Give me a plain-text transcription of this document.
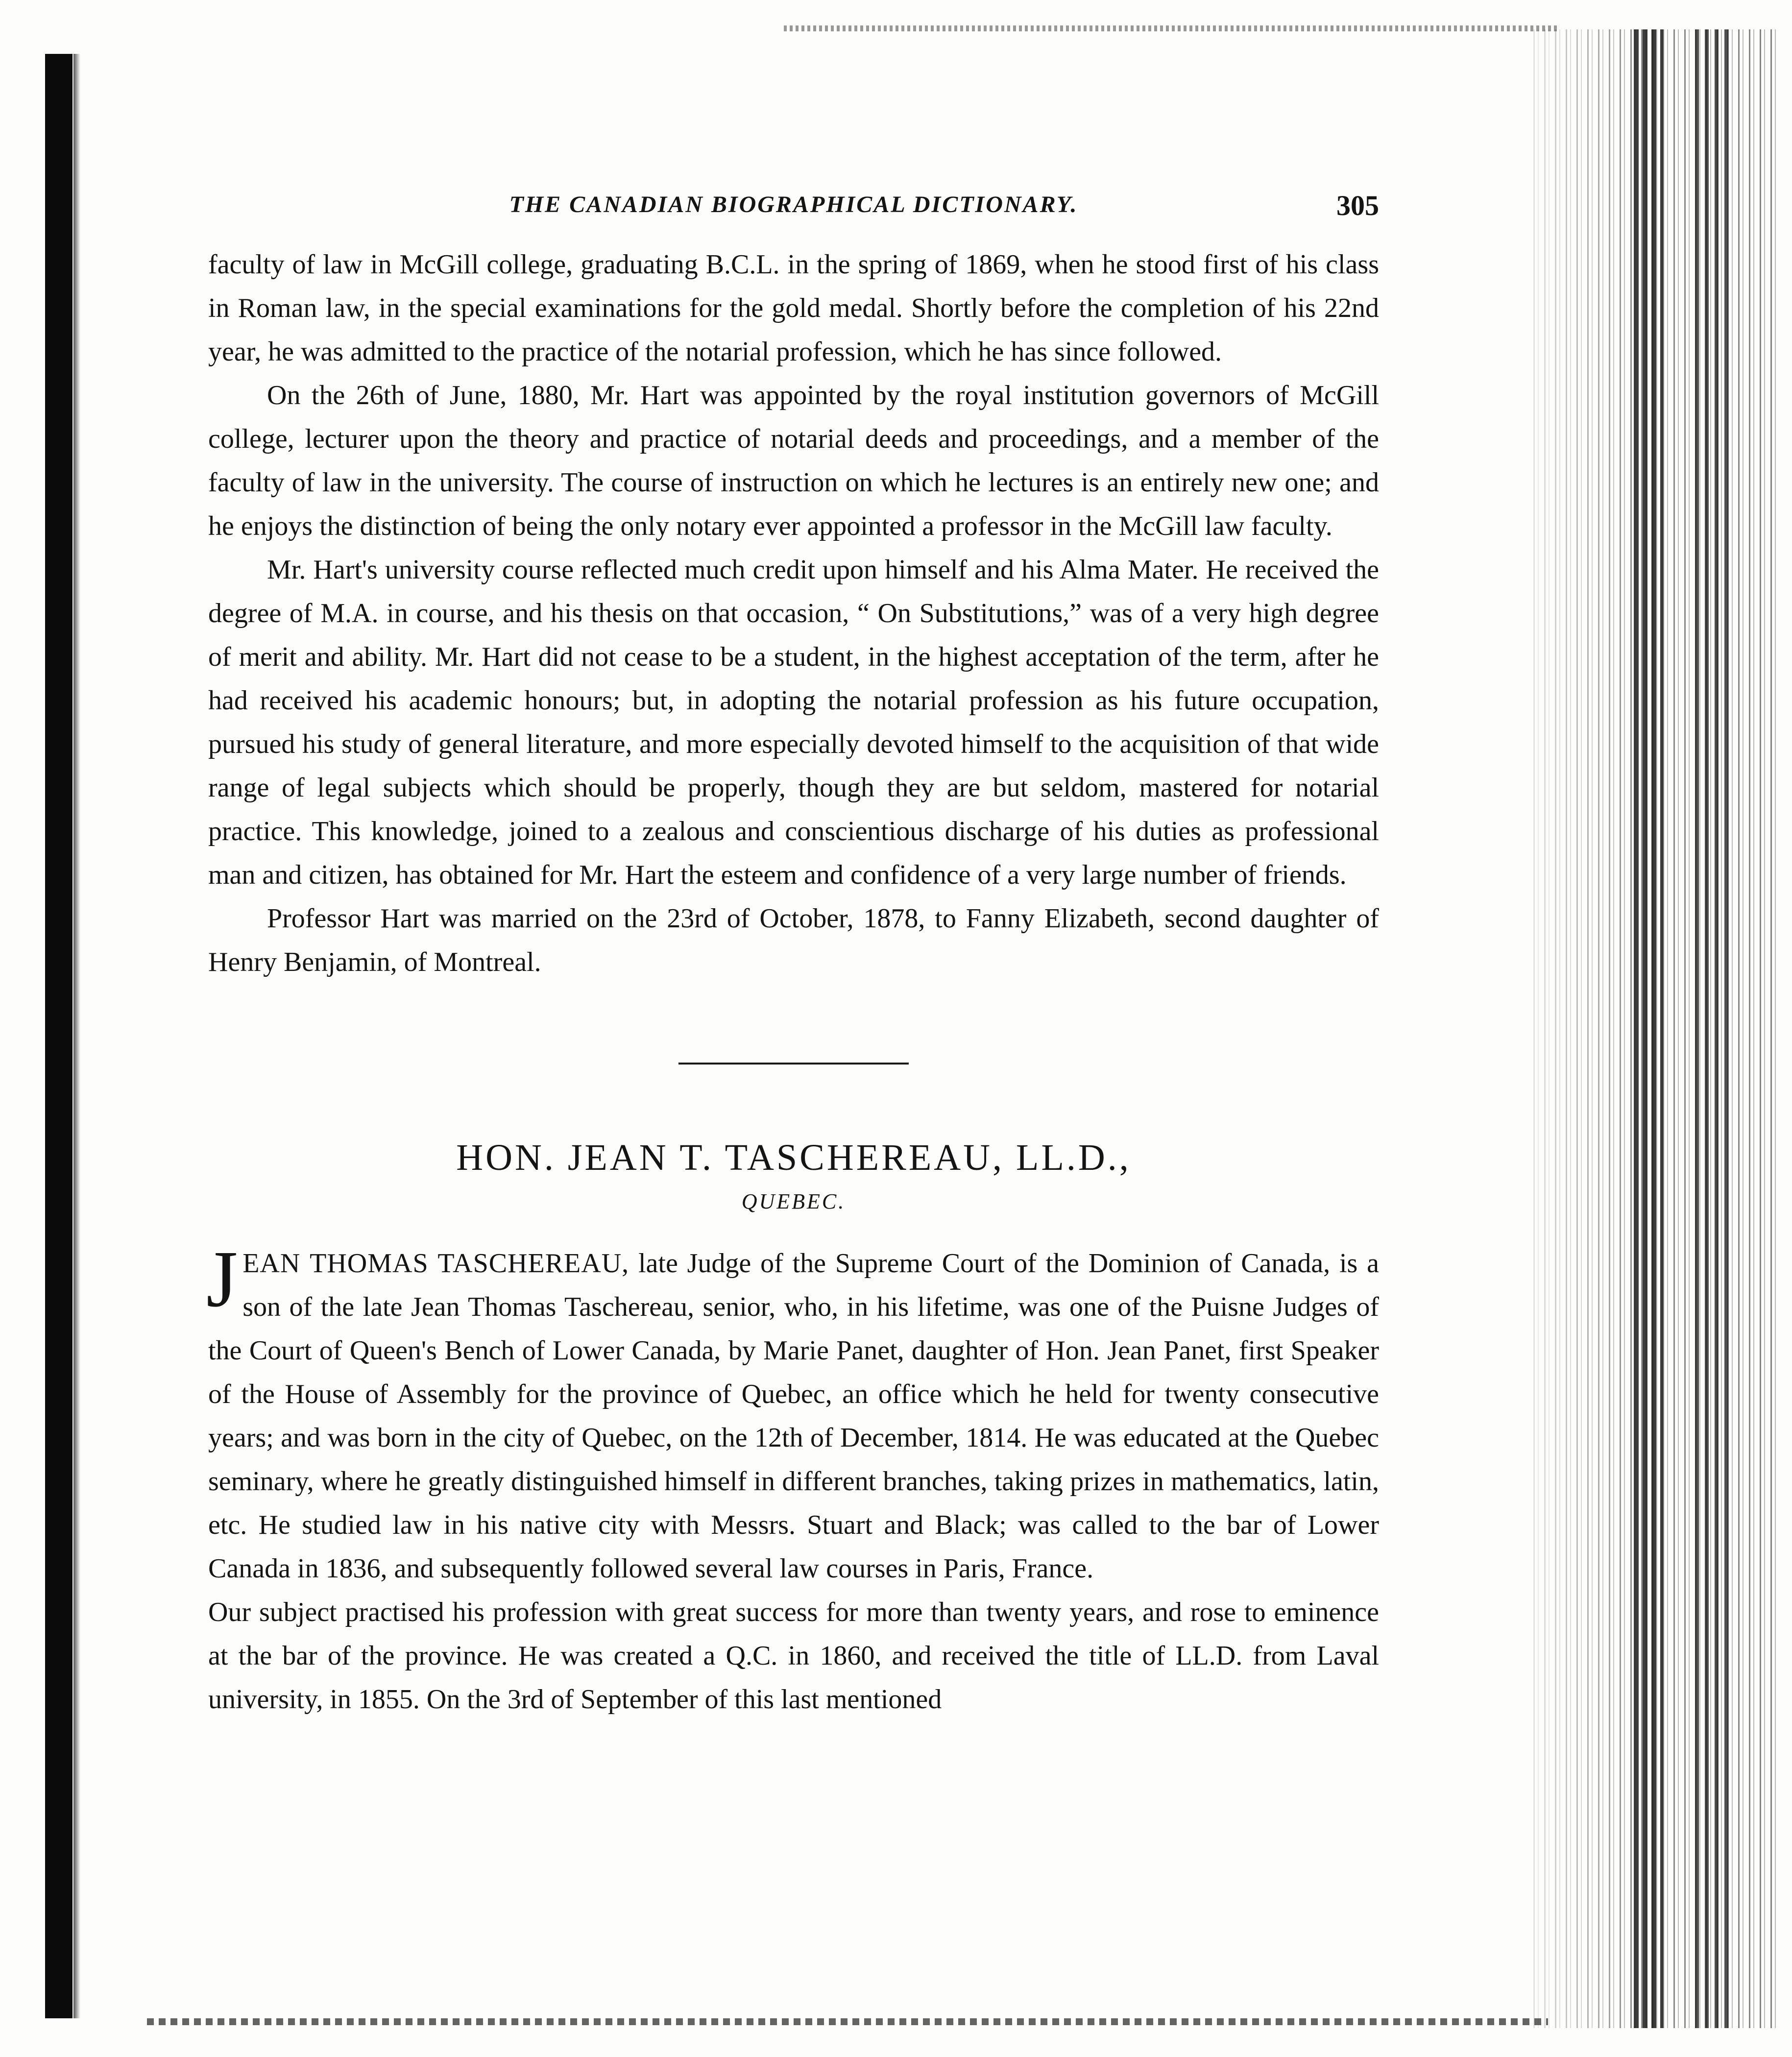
THE CANADIAN BIOGRAPHICAL DICTIONARY.	305

faculty of law in McGill college, graduating B.C.L. in the spring of 1869, when he stood first of his class in Roman law, in the special examinations for the gold medal. Shortly before the completion of his 22nd year, he was admitted to the practice of the notarial profession, which he has since followed.

On the 26th of June, 1880, Mr. Hart was appointed by the royal institution governors of McGill college, lecturer upon the theory and practice of notarial deeds and proceedings, and a member of the faculty of law in the university. The course of instruction on which he lectures is an entirely new one; and he enjoys the distinction of being the only notary ever appointed a professor in the McGill law faculty.

Mr. Hart's university course reflected much credit upon himself and his Alma Mater. He received the degree of M.A. in course, and his thesis on that occasion, “ On Substitutions,” was of a very high degree of merit and ability. Mr. Hart did not cease to be a student, in the highest acceptation of the term, after he had received his academic honours; but, in adopting the notarial profession as his future occupation, pursued his study of general literature, and more especially devoted himself to the acquisition of that wide range of legal subjects which should be properly, though they are but seldom, mastered for notarial practice. This knowledge, joined to a zealous and conscientious discharge of his duties as professional man and citizen, has obtained for Mr. Hart the esteem and confidence of a very large number of friends.

Professor Hart was married on the 23rd of October, 1878, to Fanny Elizabeth, second daughter of Henry Benjamin, of Montreal.

HON. JEAN T. TASCHEREAU, LL.D.,
QUEBEC.

JEAN THOMAS TASCHEREAU, late Judge of the Supreme Court of the Dominion of Canada, is a son of the late Jean Thomas Taschereau, senior, who, in his lifetime, was one of the Puisne Judges of the Court of Queen's Bench of Lower Canada, by Marie Panet, daughter of Hon. Jean Panet, first Speaker of the House of Assembly for the province of Quebec, an office which he held for twenty consecutive years; and was born in the city of Quebec, on the 12th of December, 1814. He was educated at the Quebec seminary, where he greatly distinguished himself in different branches, taking prizes in mathematics, latin, etc. He studied law in his native city with Messrs. Stuart and Black; was called to the bar of Lower Canada in 1836, and subsequently followed several law courses in Paris, France.

Our subject practised his profession with great success for more than twenty years, and rose to eminence at the bar of the province. He was created a Q.C. in 1860, and received the title of LL.D. from Laval university, in 1855. On the 3rd of September of this last mentioned
